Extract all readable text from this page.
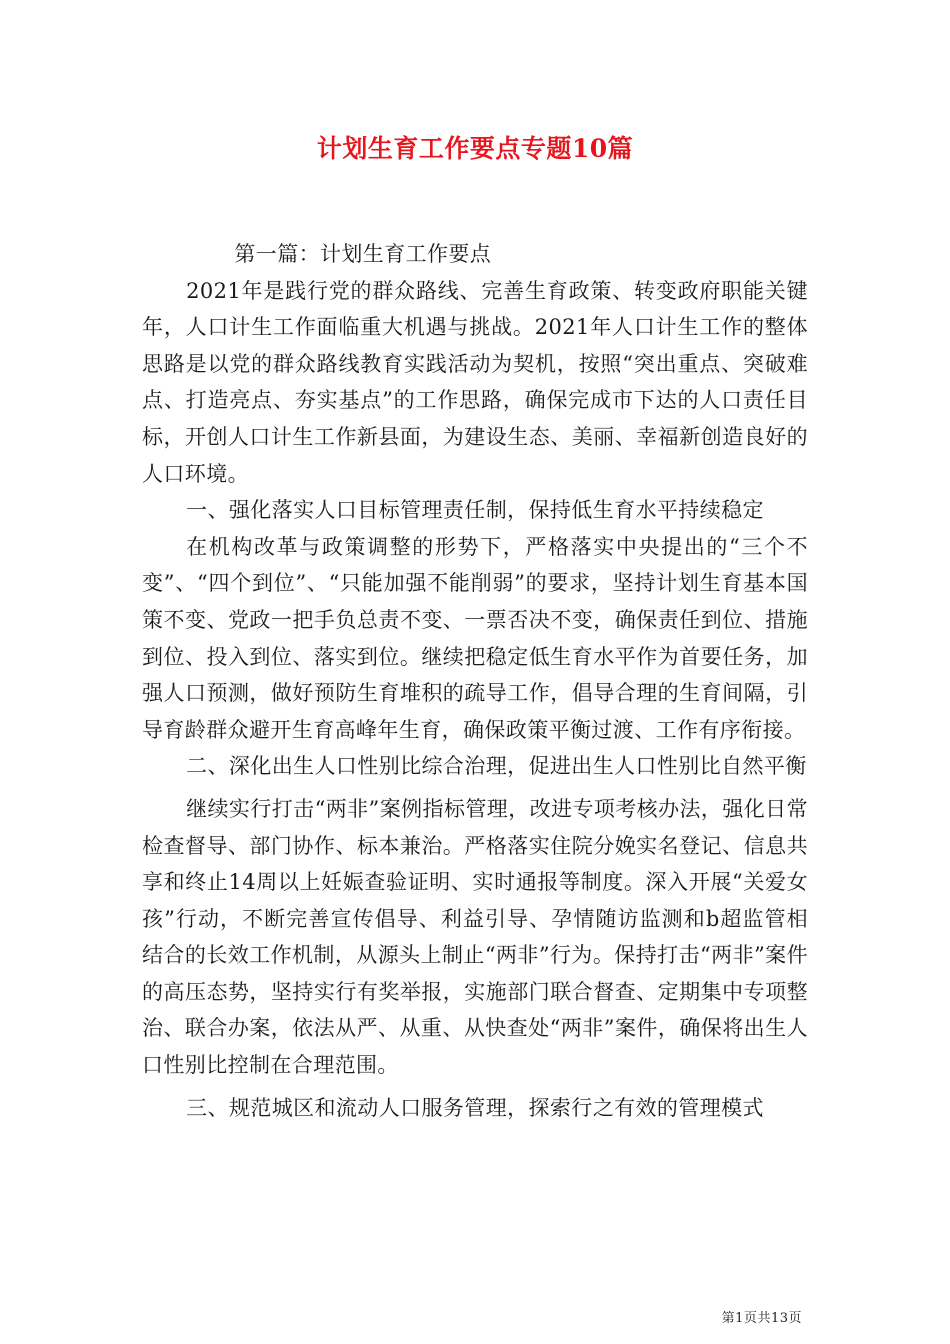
计划生育工作要点专题10篇

第一篇：计划生育工作要点

2021年是践行党的群众路线、完善生育政策、转变政府职能关键年，人口计生工作面临重大机遇与挑战。2021年人口计生工作的整体思路是以党的群众路线教育实践活动为契机，按照“突出重点、突破难点、打造亮点、夯实基点”的工作思路，确保完成市下达的人口责任目标，开创人口计生工作新县面，为建设生态、美丽、幸福新创造良好的人口环境。

一、强化落实人口目标管理责任制，保持低生育水平持续稳定

在机构改革与政策调整的形势下，严格落实中央提出的“三个不变”、“四个到位”、“只能加强不能削弱”的要求，坚持计划生育基本国策不变、党政一把手负总责不变、一票否决不变，确保责任到位、措施到位、投入到位、落实到位。继续把稳定低生育水平作为首要任务，加强人口预测，做好预防生育堆积的疏导工作，倡导合理的生育间隔，引导育龄群众避开生育高峰年生育，确保政策平衡过渡、工作有序衔接。

二、深化出生人口性别比综合治理，促进出生人口性别比自然平衡

继续实行打击“两非”案例指标管理，改进专项考核办法，强化日常检查督导、部门协作、标本兼治。严格落实住院分娩实名登记、信息共享和终止14周以上妊娠查验证明、实时通报等制度。深入开展“关爱女孩”行动，不断完善宣传倡导、利益引导、孕情随访监测和b超监管相结合的长效工作机制，从源头上制止“两非”行为。保持打击“两非”案件的高压态势，坚持实行有奖举报，实施部门联合督查、定期集中专项整治、联合办案，依法从严、从重、从快查处“两非”案件，确保将出生人口性别比控制在合理范围。

三、规范城区和流动人口服务管理，探索行之有效的管理模式

第1页共13页
